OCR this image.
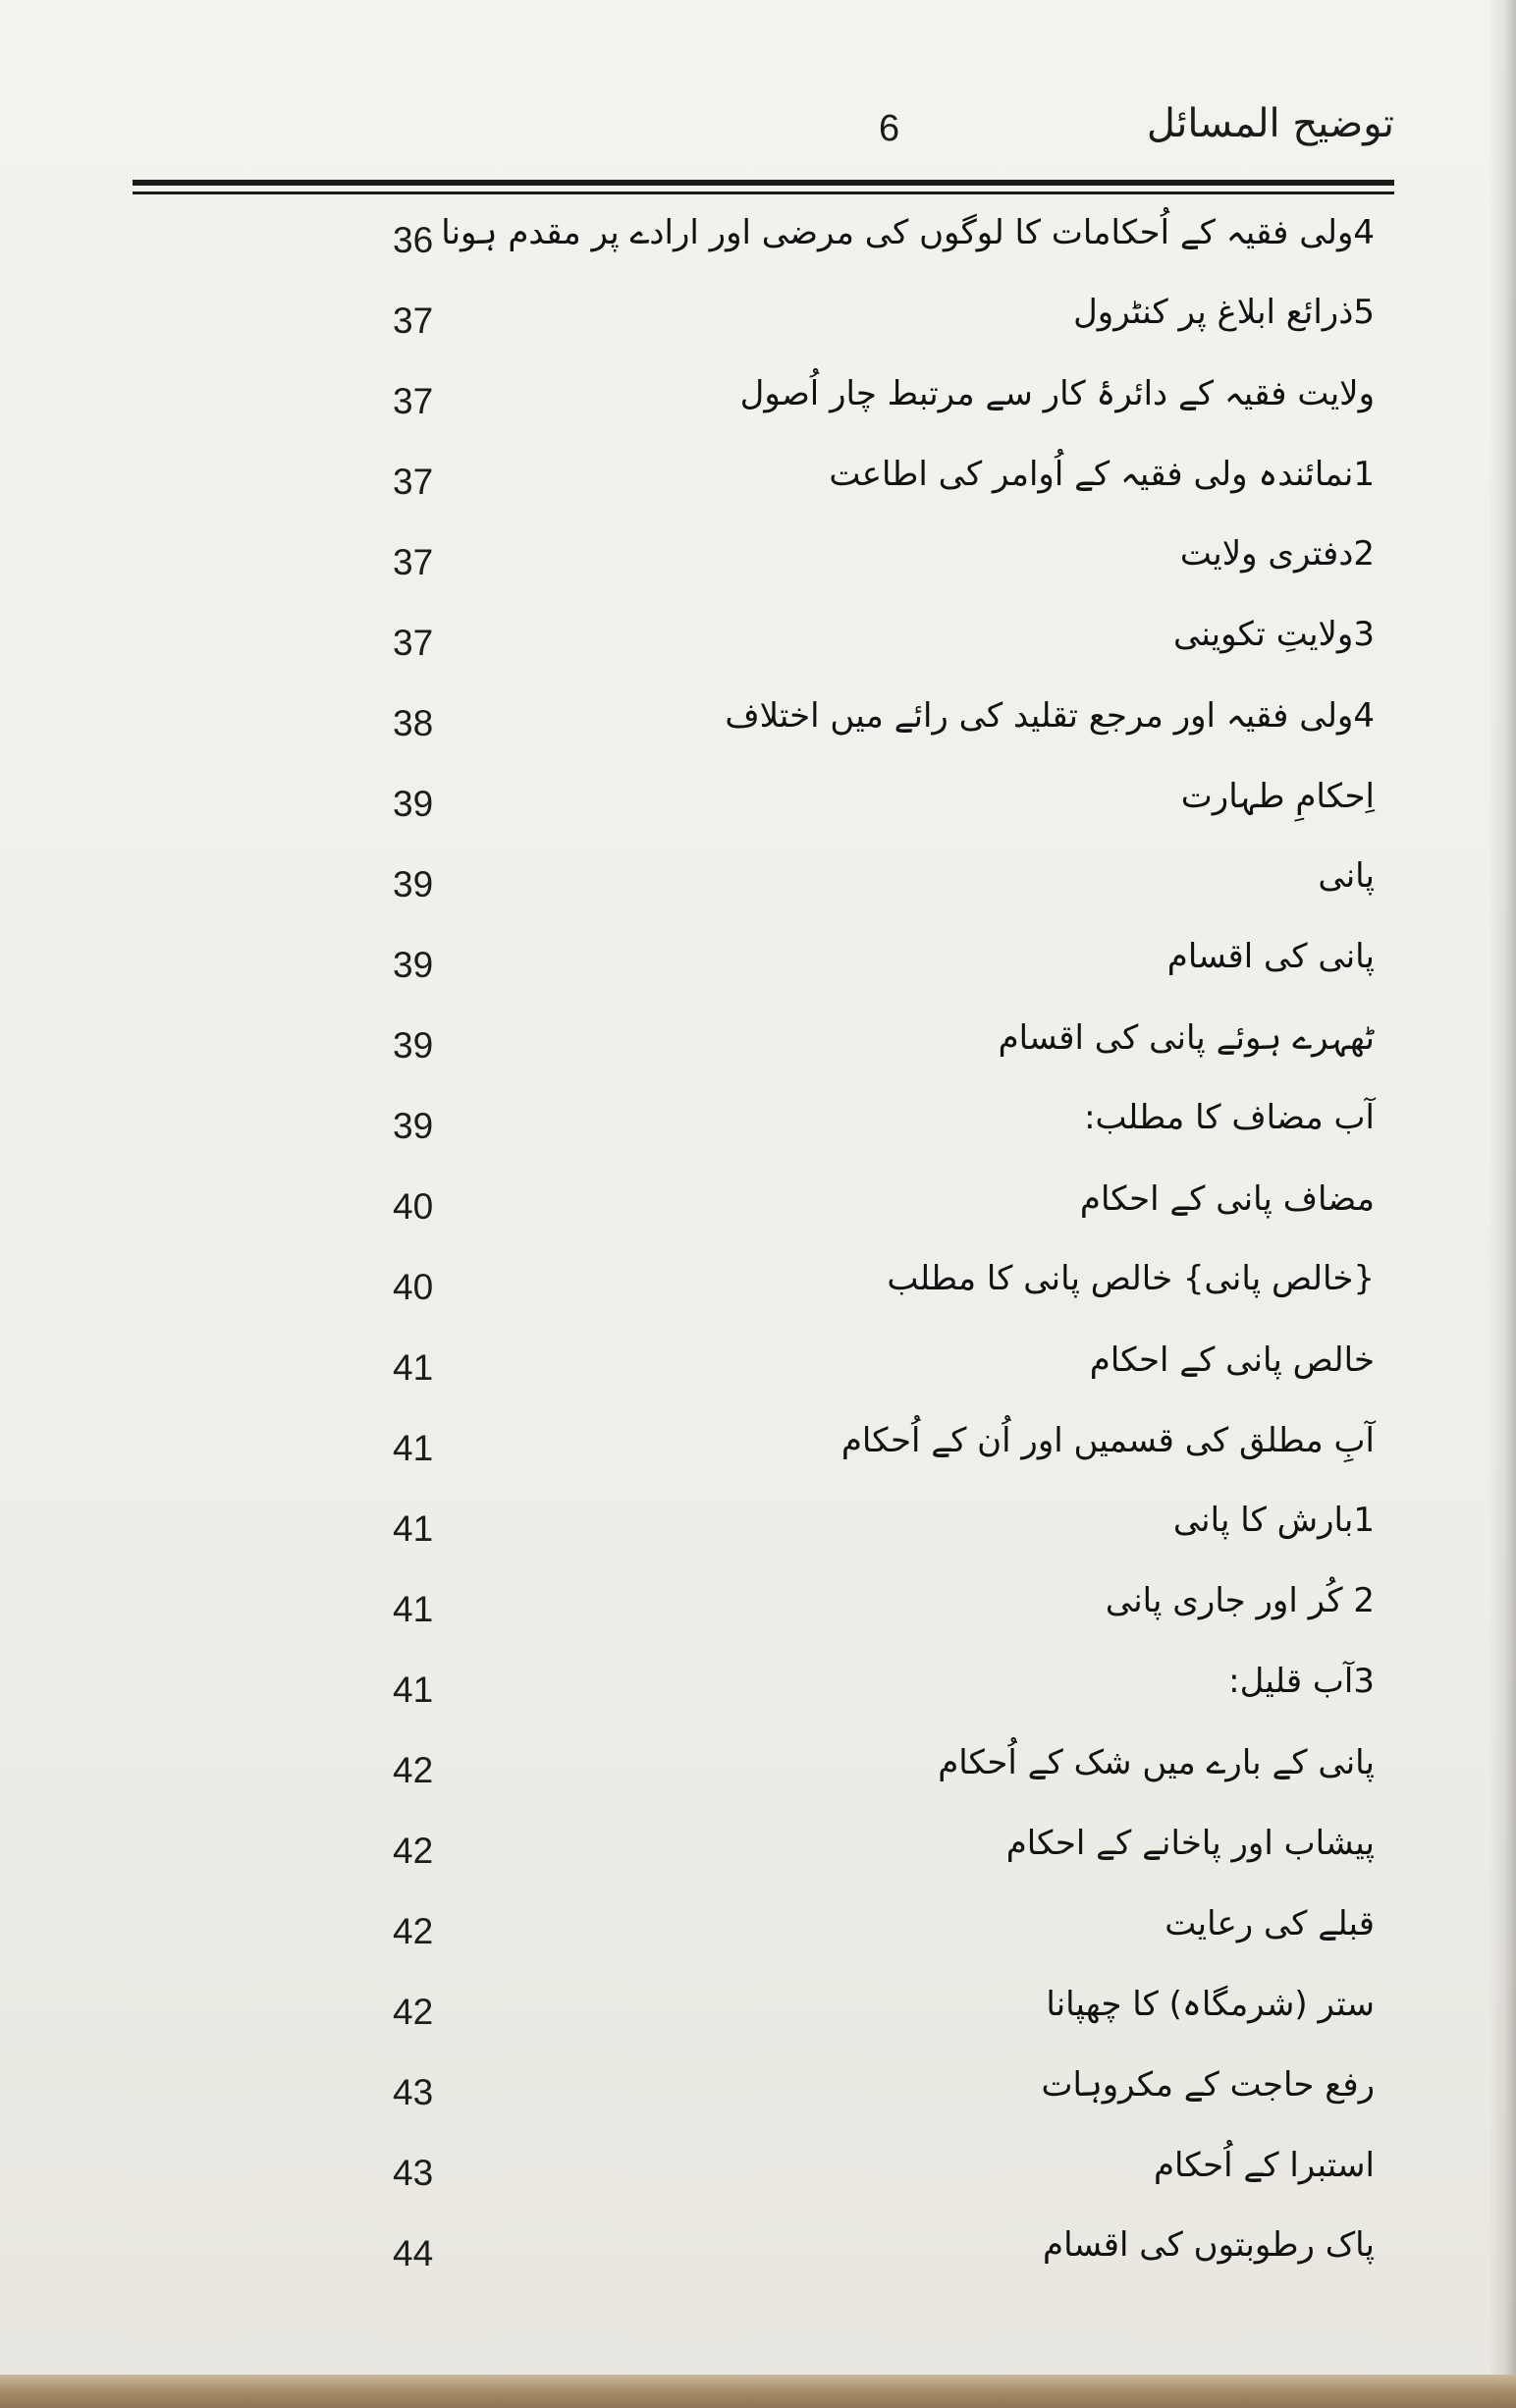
6	توضیح المسائل
36 4ولی فقیہ کے اُحکامات کا لوگوں کی مرضی اور ارادے پر مقدم ہونا
37	5ذرائع ابلاغ پر کنٹرول
37	ولایت فقیہ کے دائرۂ کار سے مرتبط چار اُصول
37	1نمائندہ ولی فقیہ کے اُوامر کی اطاعت
37	2دفتری ولایت
37	3ولایتِ تکوینی
38	4ولی فقیہ اور مرجع تقلید کی رائے میں اختلاف
39	اِحکامِ طہارت
39	پانی
39	پانی کی اقسام
39	ٹھہرے ہوئے پانی کی اقسام
39	آب مضاف کا مطلب:
40	مضاف پانی کے احکام
40	{خالص پانی} خالص پانی کا مطلب
41	خالص پانی کے احکام
41	آبِ مطلق کی قسمیں اور اُن کے اُحکام
41	1بارش کا پانی
41	2 کُر اور جاری پانی
41	3آب قلیل:
42	پانی کے بارے میں شک کے اُحکام
42	پیشاب اور پاخانے کے احکام
42	قبلے کی رعایت
42	ستر (شرمگاہ) کا چھپانا
43	رفع حاجت کے مکروہات
43	استبرا کے اُحکام
44	پاک رطوبتوں کی اقسام
